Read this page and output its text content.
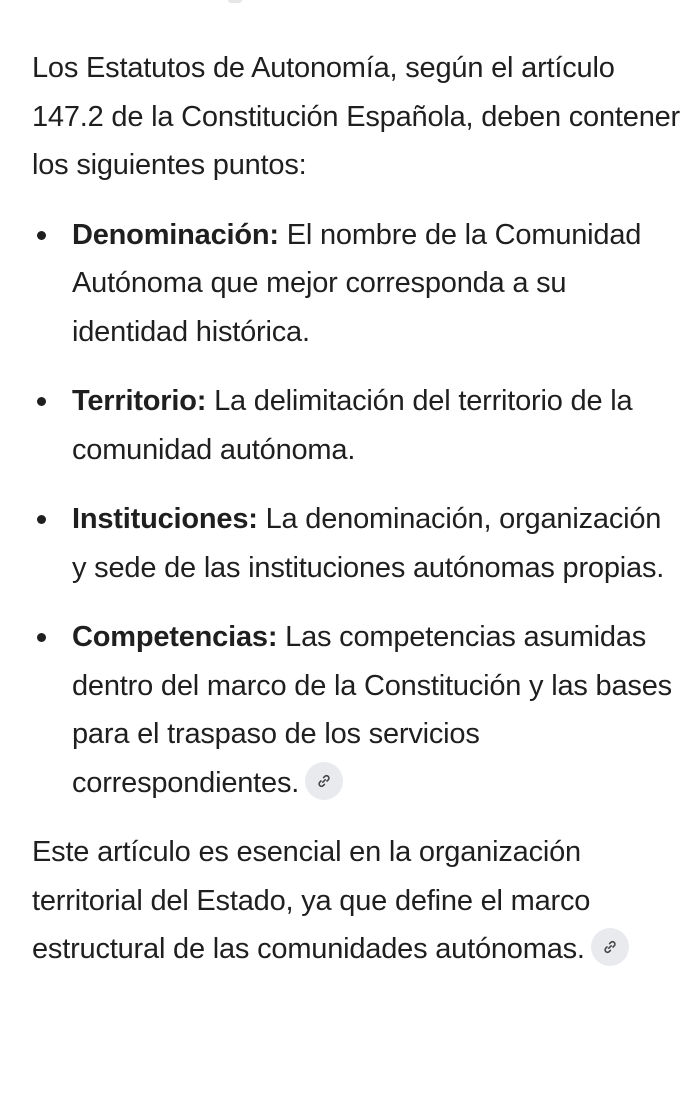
Los Estatutos de Autonomía, según el artículo 147.2 de la Constitución Española, deben contener los siguientes puntos:

Denominación: El nombre de la Comunidad Autónoma que mejor corresponda a su identidad histórica.
Territorio: La delimitación del territorio de la comunidad autónoma.
Instituciones: La denominación, organización y sede de las instituciones autónomas propias.
Competencias: Las competencias asumidas dentro del marco de la Constitución y las bases para el traspaso de los servicios correspondientes.

Este artículo es esencial en la organización territorial del Estado, ya que define el marco estructural de las comunidades autónomas.
